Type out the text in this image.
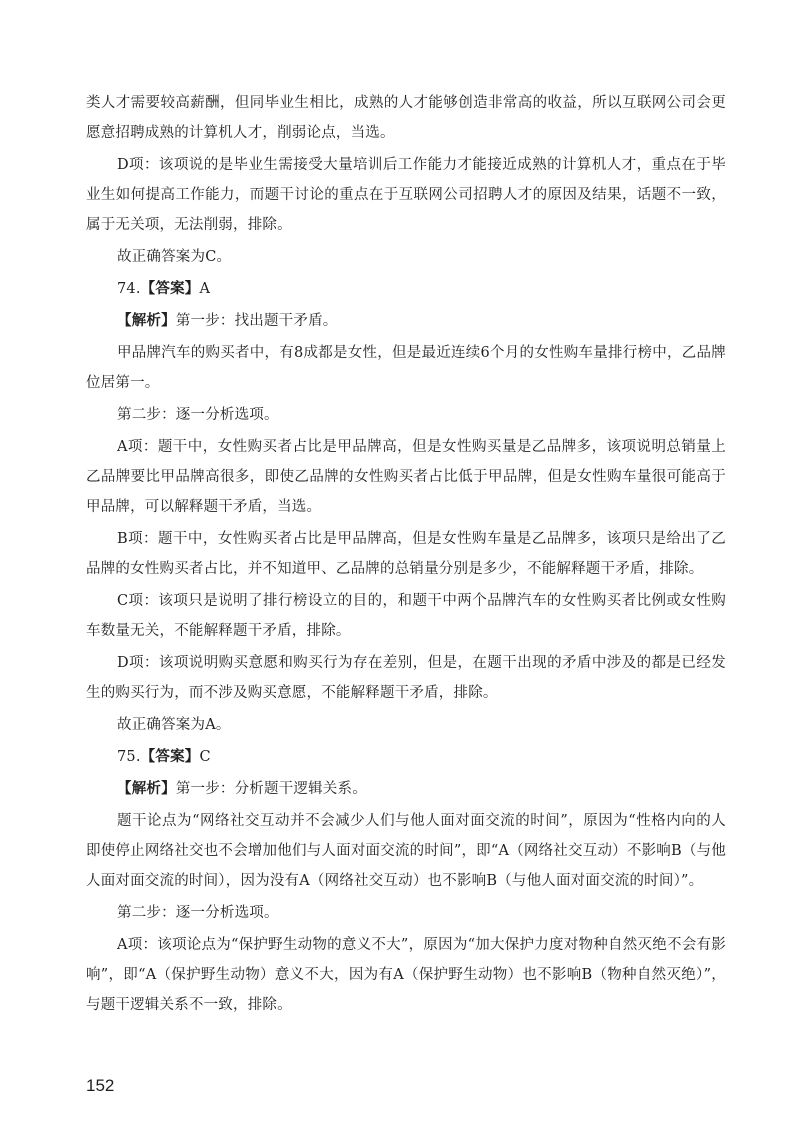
类人才需要较高薪酬，但同毕业生相比，成熟的人才能够创造非常高的收益，所以互联网公司会更愿意招聘成熟的计算机人才，削弱论点，当选。

D项：该项说的是毕业生需接受大量培训后工作能力才能接近成熟的计算机人才，重点在于毕业生如何提高工作能力，而题干讨论的重点在于互联网公司招聘人才的原因及结果，话题不一致，属于无关项，无法削弱，排除。

故正确答案为C。

74.【答案】A

【解析】第一步：找出题干矛盾。

甲品牌汽车的购买者中，有8成都是女性，但是最近连续6个月的女性购车量排行榜中，乙品牌位居第一。

第二步：逐一分析选项。

A项：题干中，女性购买者占比是甲品牌高，但是女性购买量是乙品牌多，该项说明总销量上乙品牌要比甲品牌高很多，即使乙品牌的女性购买者占比低于甲品牌，但是女性购车量很可能高于甲品牌，可以解释题干矛盾，当选。

B项：题干中，女性购买者占比是甲品牌高，但是女性购车量是乙品牌多，该项只是给出了乙品牌的女性购买者占比，并不知道甲、乙品牌的总销量分别是多少，不能解释题干矛盾，排除。

C项：该项只是说明了排行榜设立的目的，和题干中两个品牌汽车的女性购买者比例或女性购车数量无关，不能解释题干矛盾，排除。

D项：该项说明购买意愿和购买行为存在差别，但是，在题干出现的矛盾中涉及的都是已经发生的购买行为，而不涉及购买意愿，不能解释题干矛盾，排除。

故正确答案为A。

75.【答案】C

【解析】第一步：分析题干逻辑关系。

题干论点为“网络社交互动并不会减少人们与他人面对面交流的时间”，原因为“性格内向的人即使停止网络社交也不会增加他们与人面对面交流的时间”，即“A（网络社交互动）不影响B（与他人面对面交流的时间），因为没有A（网络社交互动）也不影响B（与他人面对面交流的时间）”。

第二步：逐一分析选项。

A项：该项论点为“保护野生动物的意义不大”，原因为“加大保护力度对物种自然灭绝不会有影响”，即“A（保护野生动物）意义不大，因为有A（保护野生动物）也不影响B（物种自然灭绝）”，与题干逻辑关系不一致，排除。

152
